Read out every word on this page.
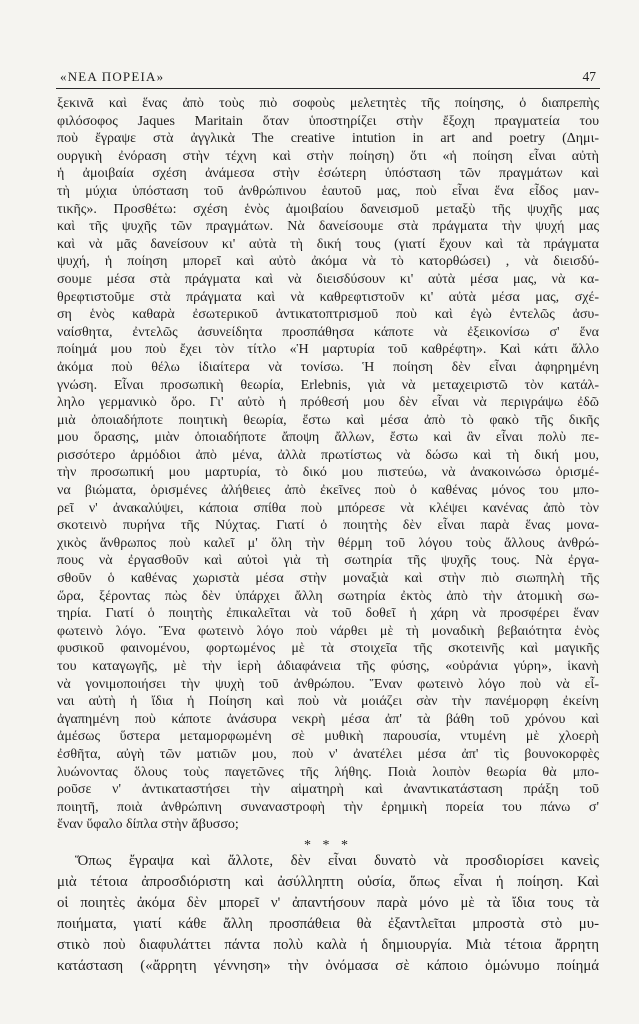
«ΝΕΑ ΠΟΡΕΙΑ»	47
ξεκινᾶ καὶ ἕνας ἀπὸ τοὺς πιὸ σοφοὺς μελετητὲς τῆς ποίησης, ὁ διαπρεπὴς
φιλόσοφος Jaques Maritain ὅταν ὑποστηρίζει στὴν ἔξοχη πραγματεία του
ποὺ ἔγραψε στὰ ἀγγλικὰ The creative intution in art and poetry (Δημι-
ουργικὴ ἐνόραση στὴν τέχνη καὶ στὴν ποίηση) ὅτι «ἡ ποίηση εἶναι αὐτὴ
ἡ ἀμοιβαία σχέση ἀνάμεσα στὴν ἐσώτερη ὑπόσταση τῶν πραγμάτων καὶ
τὴ μύχια ὑπόσταση τοῦ ἀνθρώπινου ἑαυτοῦ μας, ποὺ εἶναι ἕνα εἶδος μαν-
τικῆς». Προσθέτω: σχέση ἑνὸς ἀμοιβαίου δανεισμοῦ μεταξὺ τῆς ψυχῆς μας
καὶ τῆς ψυχῆς τῶν πραγμάτων. Νὰ δανείσουμε στὰ πράγματα τὴν ψυχή μας
καὶ νὰ μᾶς δανείσουν κι' αὐτὰ τὴ δική τους (γιατί ἔχουν καὶ τὰ πράγματα
ψυχή, ἡ ποίηση μπορεῖ καὶ αὐτὸ ἀκόμα νὰ τὸ κατορθώσει) , νὰ διεισδύ-
σουμε μέσα στὰ πράγματα καὶ νὰ διεισδύσουν κι' αὐτὰ μέσα μας, νὰ κα-
θρεφτιστοῦμε στὰ πράγματα καὶ νὰ καθρεφτιστοῦν κι' αὐτὰ μέσα μας, σχέ-
ση ἑνὸς καθαρὰ ἐσωτερικοῦ ἀντικατοπτρισμοῦ ποὺ καὶ ἐγὼ ἐντελῶς ἀσυ-
ναίσθητα, ἐντελῶς ἀσυνείδητα προσπάθησα κάποτε νὰ ἐξεικονίσω σ' ἕνα
ποίημά μου ποὺ ἔχει τὸν τίτλο «Ἡ μαρτυρία τοῦ καθρέφτη». Καὶ κάτι ἄλλο
ἀκόμα ποὺ θέλω ἰδιαίτερα νὰ τονίσω. Ἡ ποίηση δὲν εἶναι ἀφηρημένη
γνώση. Εἶναι προσωπικὴ θεωρία, Erlebnis, γιὰ νὰ μεταχειριστῶ τὸν κατάλ-
ληλο γερμανικὸ ὅρο. Γι' αὐτὸ ἡ πρόθεσή μου δὲν εἶναι νὰ περιγράψω ἐδῶ
μιὰ ὁποιαδήποτε ποιητικὴ θεωρία, ἔστω καὶ μέσα ἀπὸ τὸ φακὸ τῆς δικῆς
μου ὅρασης, μιὰν ὁποιαδήποτε ἄποψη ἄλλων, ἔστω καὶ ἂν εἶναι πολὺ πε-
ρισσότερο ἁρμόδιοι ἀπὸ μένα, ἀλλὰ πρωτίστως νὰ δώσω καὶ τὴ δική μου,
τὴν προσωπική μου μαρτυρία, τὸ δικό μου πιστεύω, νὰ ἀνακοινώσω ὁρισμέ-
να βιώματα, ὁρισμένες ἀλήθειες ἀπὸ ἐκεῖνες ποὺ ὁ καθένας μόνος του μπο-
ρεῖ ν' ἀνακαλύψει, κάποια σπίθα ποὺ μπόρεσε νὰ κλέψει κανένας ἀπὸ τὸν
σκοτεινὸ πυρήνα τῆς Νύχτας. Γιατί ὁ ποιητὴς δὲν εἶναι παρὰ ἕνας μονα-
χικὸς ἄνθρωπος ποὺ καλεῖ μ' ὅλη τὴν θέρμη τοῦ λόγου τοὺς ἄλλους ἀνθρώ-
πους νὰ ἐργασθοῦν καὶ αὐτοὶ γιὰ τὴ σωτηρία τῆς ψυχῆς τους. Νὰ ἐργα-
σθοῦν ὁ καθένας χωριστὰ μέσα στὴν μοναξιὰ καὶ στὴν πιὸ σιωπηλὴ τῆς
ὥρα, ξέροντας πὼς δὲν ὑπάρχει ἄλλη σωτηρία ἐκτὸς ἀπὸ τὴν ἀτομικὴ σω-
τηρία. Γιατί ὁ ποιητὴς ἐπικαλεῖται νὰ τοῦ δοθεῖ ἡ χάρη νὰ προσφέρει ἕναν
φωτεινὸ λόγο. Ἕνα φωτεινὸ λόγο ποὺ νάρθει μὲ τὴ μοναδικὴ βεβαιότητα ἑνὸς
φυσικοῦ φαινομένου, φορτωμένος μὲ τὰ στοιχεῖα τῆς σκοτεινῆς καὶ μαγικῆς
του καταγωγῆς, μὲ τὴν ἱερὴ ἀδιαφάνεια τῆς φύσης, «οὐράνια γύρη», ἱκανὴ
νὰ γονιμοποιήσει τὴν ψυχὴ τοῦ ἀνθρώπου. Ἕναν φωτεινὸ λόγο ποὺ νὰ εἶ-
ναι αὐτὴ ἡ ἴδια ἡ Ποίηση καὶ ποὺ νὰ μοιάζει σὰν τὴν πανέμορφη ἐκείνη
ἀγαπημένη ποὺ κάποτε ἀνάσυρα νεκρὴ μέσα ἀπ' τὰ βάθη τοῦ χρόνου καὶ
ἀμέσως ὕστερα μεταμορφωμένη σὲ μυθικὴ παρουσία, ντυμένη μὲ χλοερὴ
ἐσθῆτα, αὐγὴ τῶν ματιῶν μου, ποὺ ν' ἀνατέλει μέσα ἀπ' τὶς βουνοκορφὲς
λυώνοντας ὅλους τοὺς παγετῶνες τῆς λήθης. Ποιὰ λοιπὸν θεωρία θὰ μπο-
ροῦσε ν' ἀντικαταστήσει τὴν αἱματηρὴ καὶ ἀναντικατάσταση πράξη τοῦ
ποιητῆ, ποιὰ ἀνθρώπινη συναναστροφὴ τὴν ἐρημικὴ πορεία του πάνω σ'
ἕναν ὕφαλο δίπλα στὴν ἄβυσσο;
* * *
Ὅπως ἔγραψα καὶ ἄλλοτε, δὲν εἶναι δυνατὸ νὰ προσδιορίσει κανεὶς
μιὰ τέτοια ἀπροσδιόριστη καὶ ἀσύλληπτη οὐσία, ὅπως εἶναι ἡ ποίηση. Καὶ
οἱ ποιητὲς ἀκόμα δὲν μπορεῖ ν' ἀπαντήσουν παρὰ μόνο μὲ τὰ ἴδια τους τὰ
ποιήματα, γιατί κάθε ἄλλη προσπάθεια θὰ ἐξαντλεῖται μπροστὰ στὸ μυ-
στικὸ ποὺ διαφυλάττει πάντα πολὺ καλὰ ἡ δημιουργία. Μιὰ τέτοια ἄρρητη
κατάσταση («ἄρρητη γέννηση» τὴν ὀνόμασα σὲ κάποιο ὁμώνυμο ποίημά
